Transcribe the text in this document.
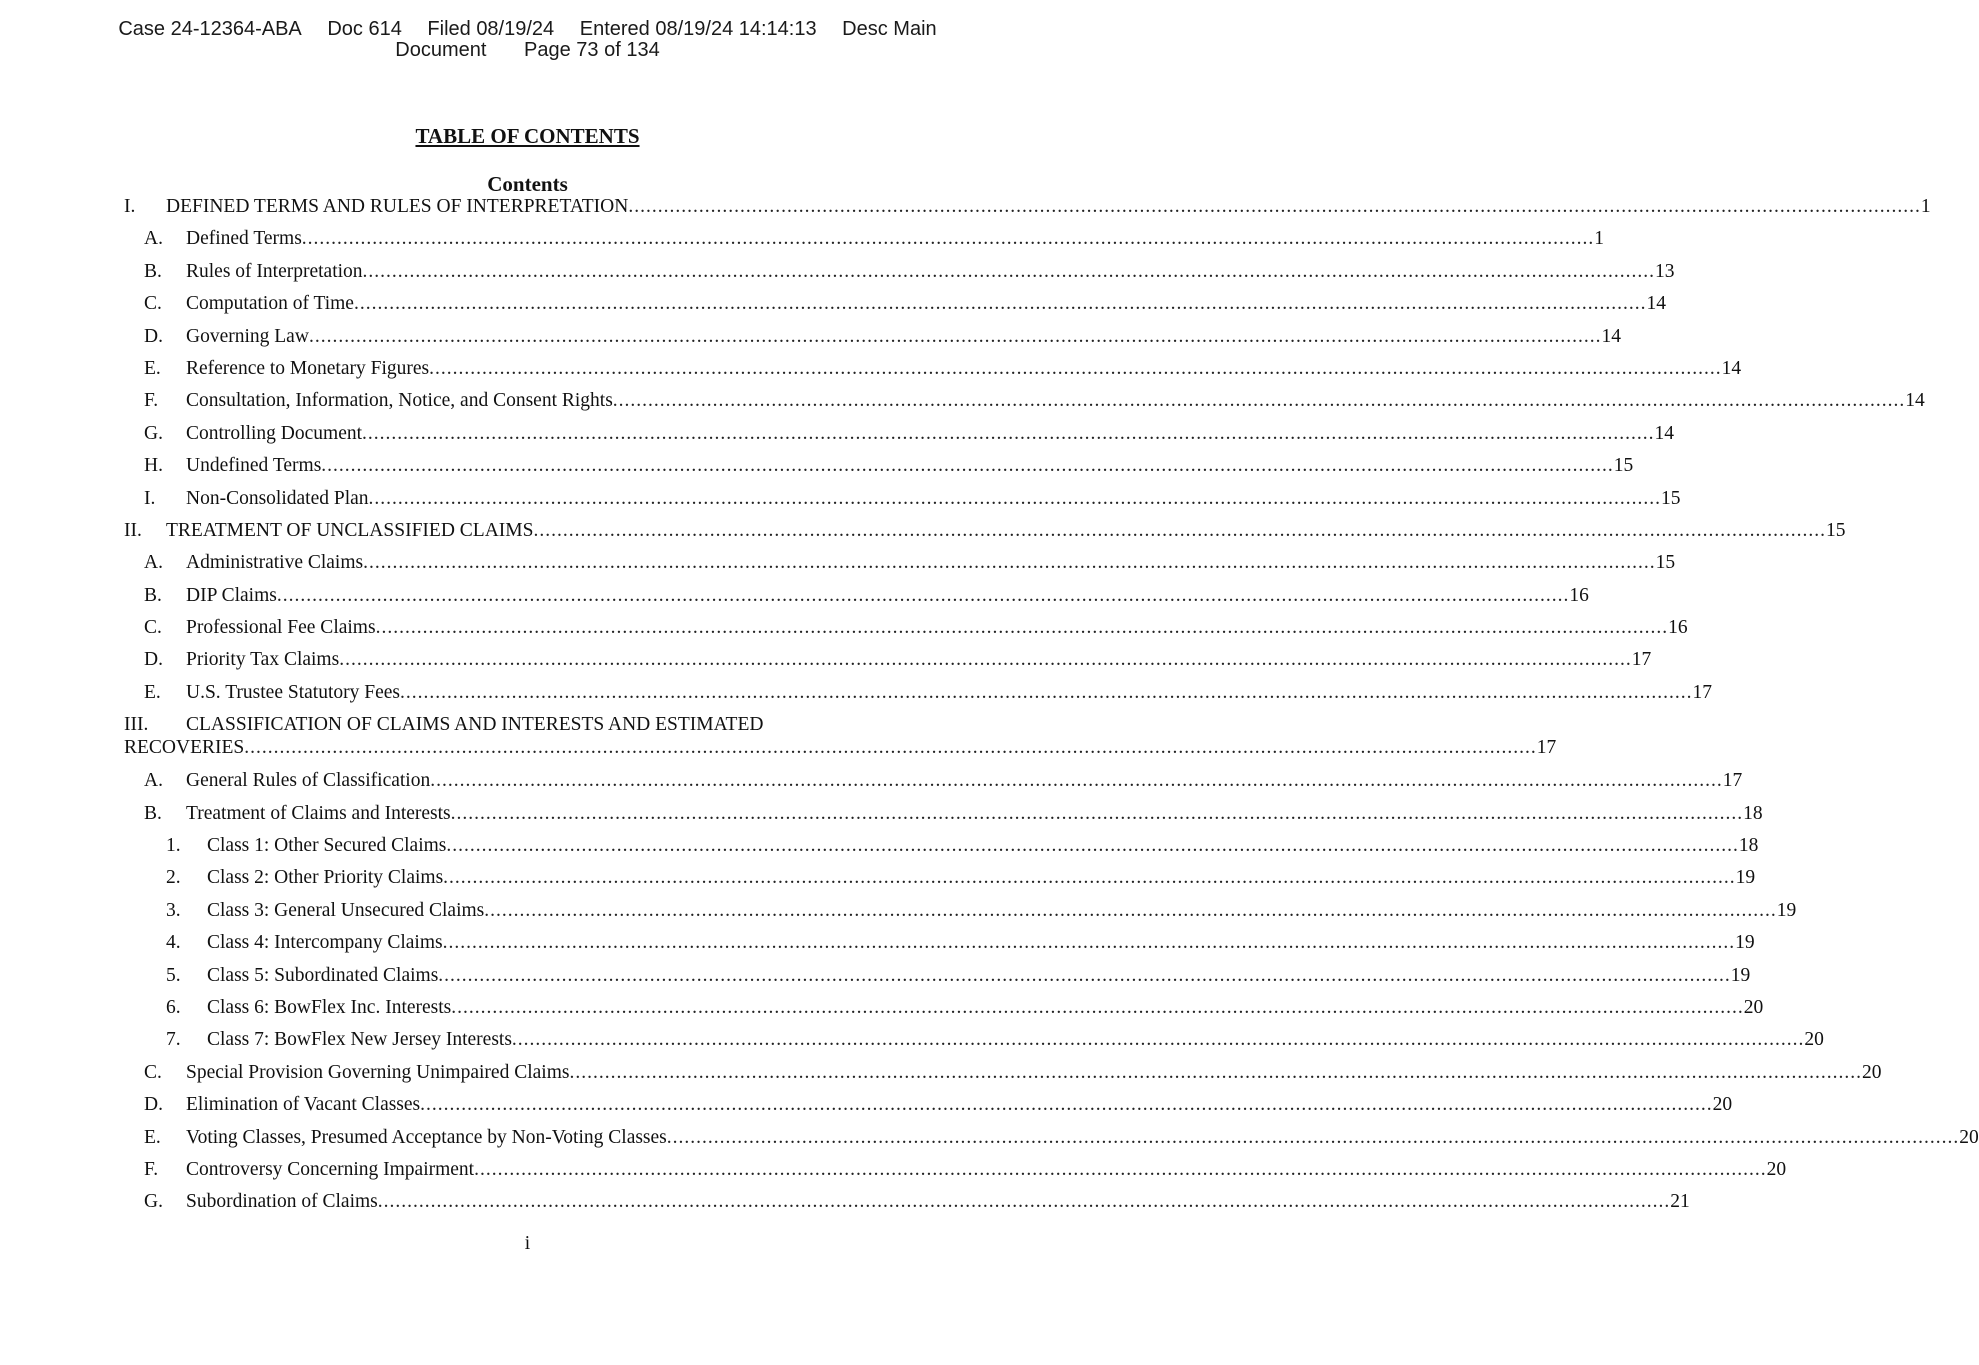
Case 24-12364-ABA Doc 614 Filed 08/19/24 Entered 08/19/24 14:14:13 Desc Main
Document Page 73 of 134
TABLE OF CONTENTS
Contents
I. DEFINED TERMS AND RULES OF INTERPRETATION ............................................................................................................................................................................................................................ 1
A. Defined Terms ............................................................................................................................................................................................................................ 1
B. Rules of Interpretation ............................................................................................................................................................................................................................ 13
C. Computation of Time ............................................................................................................................................................................................................................ 14
D. Governing Law ............................................................................................................................................................................................................................ 14
E. Reference to Monetary Figures ............................................................................................................................................................................................................................ 14
F. Consultation, Information, Notice, and Consent Rights ............................................................................................................................................................................................................................ 14
G. Controlling Document ............................................................................................................................................................................................................................ 14
H. Undefined Terms ............................................................................................................................................................................................................................ 15
I. Non-Consolidated Plan ............................................................................................................................................................................................................................ 15
II. TREATMENT OF UNCLASSIFIED CLAIMS ............................................................................................................................................................................................................................ 15
A. Administrative Claims ............................................................................................................................................................................................................................ 15
B. DIP Claims ............................................................................................................................................................................................................................ 16
C. Professional Fee Claims ............................................................................................................................................................................................................................ 16
D. Priority Tax Claims ............................................................................................................................................................................................................................ 17
E. U.S. Trustee Statutory Fees ............................................................................................................................................................................................................................ 17
III. CLASSIFICATION OF CLAIMS AND INTERESTS AND ESTIMATED
RECOVERIES ............................................................................................................................................................................................................................ 17
A. General Rules of Classification ............................................................................................................................................................................................................................ 17
B. Treatment of Claims and Interests ............................................................................................................................................................................................................................ 18
1. Class 1: Other Secured Claims ............................................................................................................................................................................................................................ 18
2. Class 2: Other Priority Claims ............................................................................................................................................................................................................................ 19
3. Class 3: General Unsecured Claims ............................................................................................................................................................................................................................ 19
4. Class 4: Intercompany Claims ............................................................................................................................................................................................................................ 19
5. Class 5: Subordinated Claims ............................................................................................................................................................................................................................ 19
6. Class 6: BowFlex Inc. Interests ............................................................................................................................................................................................................................ 20
7. Class 7: BowFlex New Jersey Interests ............................................................................................................................................................................................................................ 20
C. Special Provision Governing Unimpaired Claims ............................................................................................................................................................................................................................ 20
D. Elimination of Vacant Classes ............................................................................................................................................................................................................................ 20
E. Voting Classes, Presumed Acceptance by Non-Voting Classes ............................................................................................................................................................................................................................ 20
F. Controversy Concerning Impairment ............................................................................................................................................................................................................................ 20
G. Subordination of Claims ............................................................................................................................................................................................................................ 21
i
